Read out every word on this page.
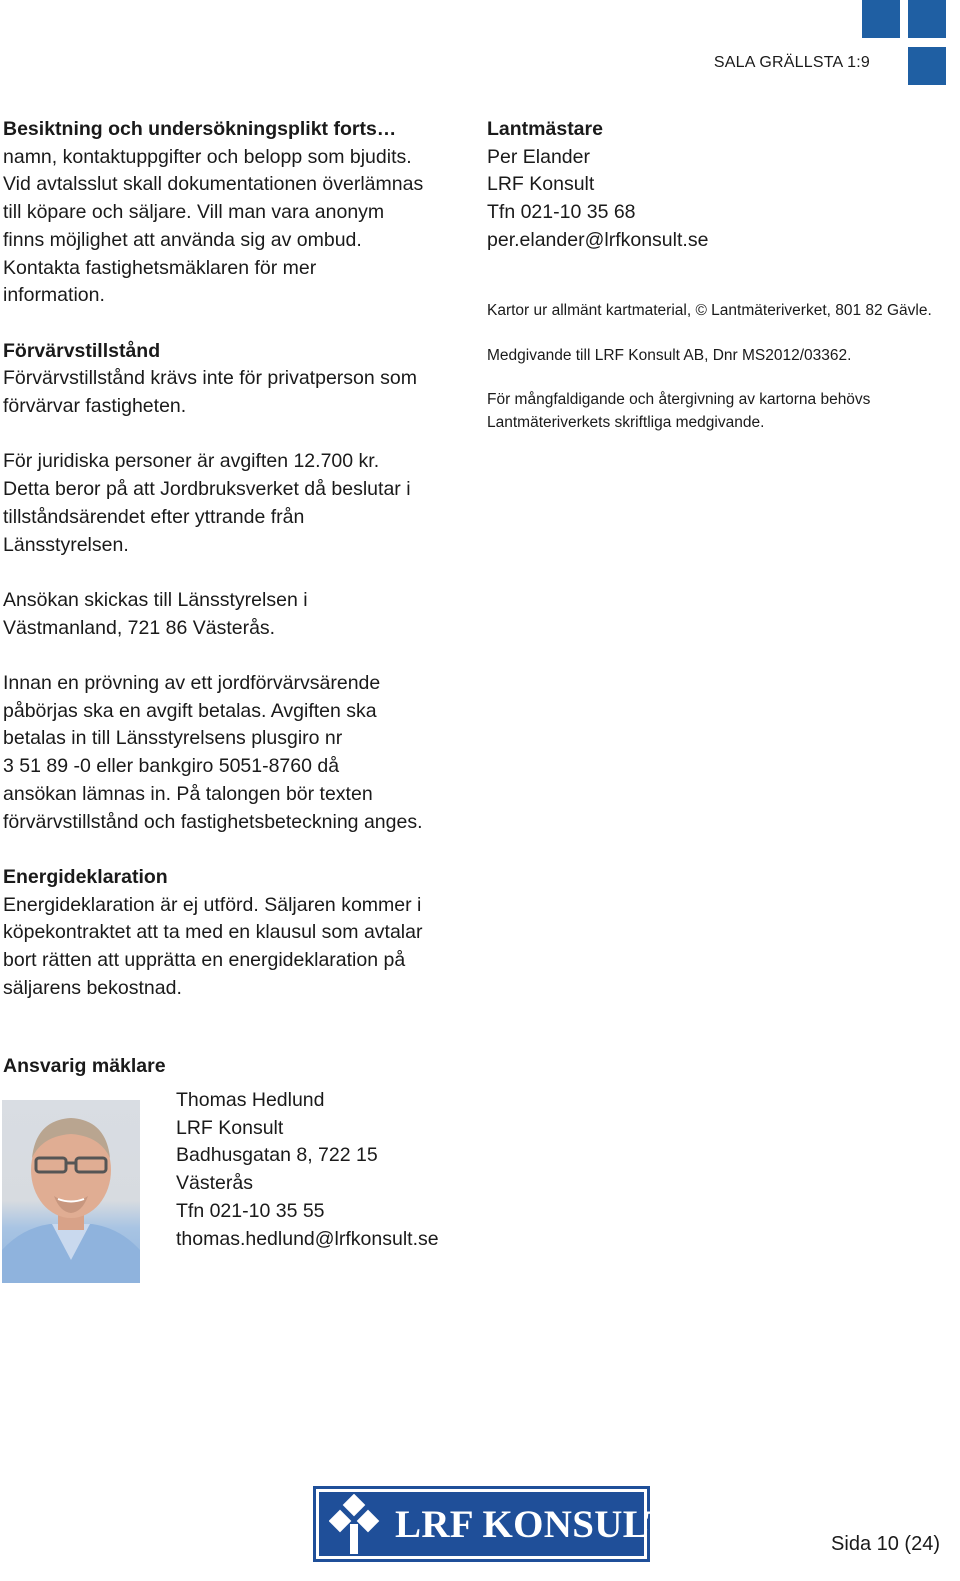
SALA GRÄLLSTA 1:9

Besiktning och undersökningsplikt forts…

namn, kontaktuppgifter och belopp som bjudits.

Vid avtalsslut skall dokumentationen överlämnas

till köpare och säljare. Vill man vara anonym

finns möjlighet att använda sig av ombud.

Kontakta fastighetsmäklaren för mer

information.

Förvärvstillstånd

Förvärvstillstånd krävs inte för privatperson som

förvärvar fastigheten.

För juridiska personer är avgiften 12.700 kr.

Detta beror på att Jordbruksverket då beslutar i

tillståndsärendet efter yttrande från

Länsstyrelsen.

Ansökan skickas till Länsstyrelsen i

Västmanland, 721 86 Västerås.

Innan en prövning av ett jordförvärvsärende

påbörjas ska en avgift betalas. Avgiften ska

betalas in till Länsstyrelsens plusgiro nr

3 51 89 -0 eller bankgiro 5051-8760 då

ansökan lämnas in. På talongen bör texten

förvärvstillstånd och fastighetsbeteckning anges.

Energideklaration

Energideklaration är ej utförd. Säljaren kommer i

köpekontraktet att ta med en klausul som avtalar

bort rätten att upprätta en energideklaration på

säljarens bekostnad.

Lantmästare

Per Elander

LRF Konsult

Tfn 021-10 35 68

per.elander@lrfkonsult.se

Kartor ur allmänt kartmaterial, © Lantmäteriverket, 801 82 Gävle.

Medgivande till LRF Konsult AB, Dnr MS2012/03362.

För mångfaldigande och återgivning av kartorna behövs Lantmäteriverkets skriftliga medgivande.

Ansvarig mäklare

Thomas Hedlund

LRF Konsult

Badhusgatan 8, 722 15

Västerås

Tfn 021-10 35 55

thomas.hedlund@lrfkonsult.se

LRF KONSULT	Sida 10 (24)
